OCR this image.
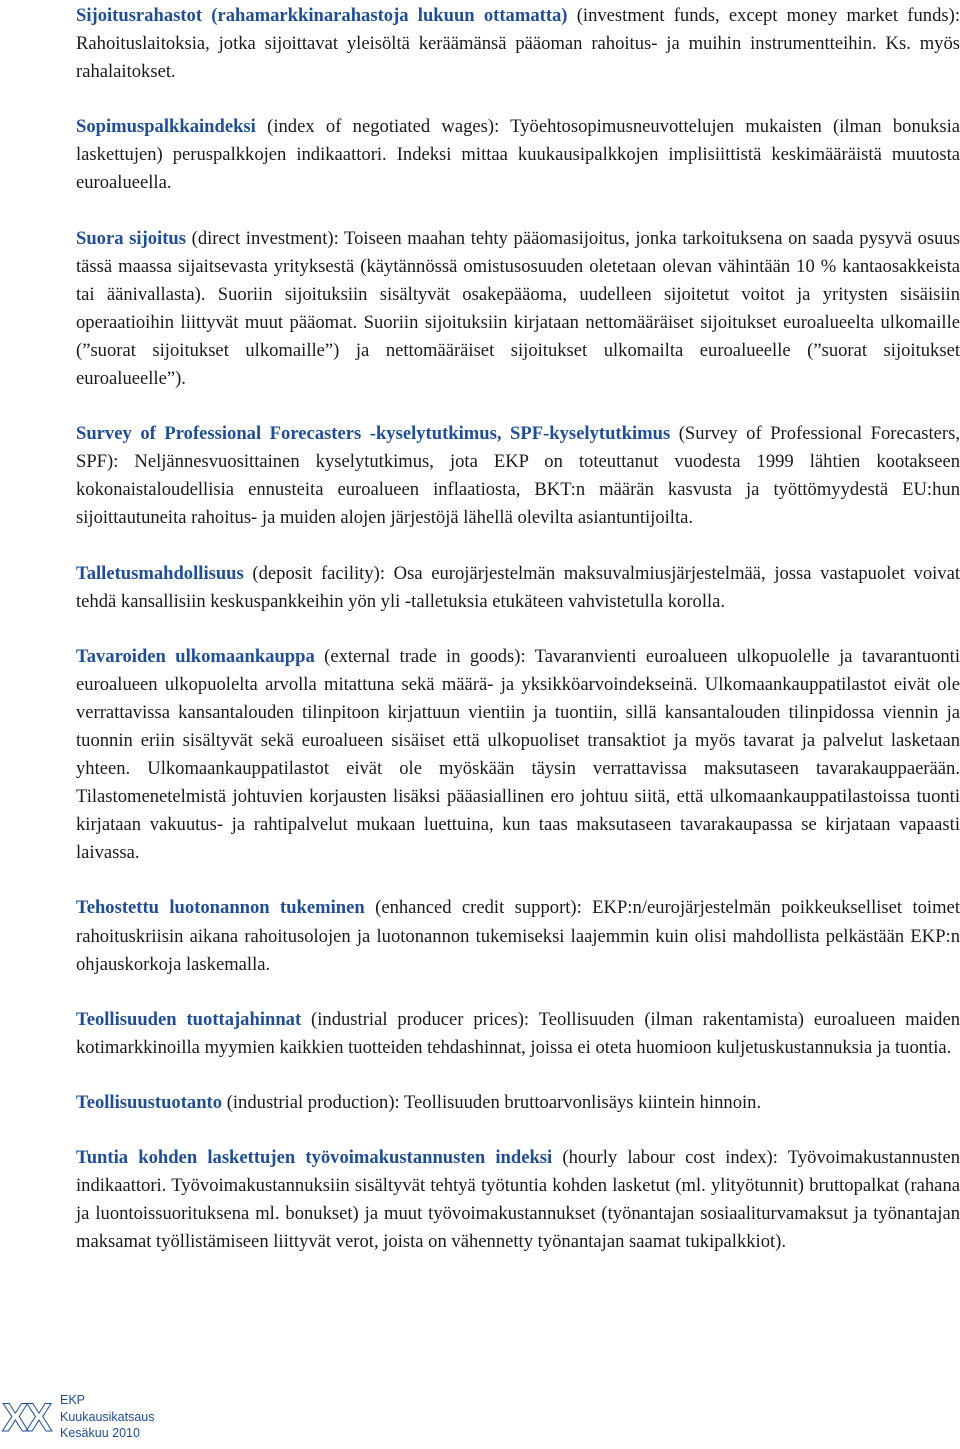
Sijoitusrahastot (rahamarkkinarahastoja lukuun ottamatta) (investment funds, except money market funds): Rahoituslaitoksia, jotka sijoittavat yleisöltä keräämänsä pääoman rahoitus- ja muihin instrumentteihin. Ks. myös rahalaitokset.

Sopimuspalkkaindeksi (index of negotiated wages): Työehtosopimusneuvottelujen mukaisten (ilman bonuksia laskettujen) peruspalkkojen indikaattori. Indeksi mittaa kuukausipalkkojen implisiittistä keskimääräistä muutosta euroalueella.

Suora sijoitus (direct investment): Toiseen maahan tehty pääomasijoitus, jonka tarkoituksena on saada pysyvä osuus tässä maassa sijaitsevasta yrityksestä (käytännössä omistusosuuden oletetaan olevan vähintään 10 % kantaosakkeista tai äänivallasta). Suoriin sijoituksiin sisältyvät osakepääoma, uudelleen sijoitetut voitot ja yritysten sisäisiin operaatioihin liittyvät muut pääomat. Suoriin sijoituksiin kirjataan nettomääräiset sijoitukset euroalueelta ulkomaille (”suorat sijoitukset ulkomaille”) ja nettomääräiset sijoitukset ulkomailta euroalueelle (”suorat sijoitukset euroalueelle”).

Survey of Professional Forecasters -kyselytutkimus, SPF-kyselytutkimus (Survey of Professional Forecasters, SPF): Neljännesvuosittainen kyselytutkimus, jota EKP on toteuttanut vuodesta 1999 lähtien kootakseen kokonaistaloudellisia ennusteita euroalueen inflaatiosta, BKT:n määrän kasvusta ja työttömyydestä EU:hun sijoittautuneita rahoitus- ja muiden alojen järjestöjä lähellä olevilta asiantuntijoilta.

Talletusmahdollisuus (deposit facility): Osa eurojärjestelmän maksuvalmiusjärjestelmää, jossa vastapuolet voivat tehdä kansallisiin keskuspankkeihin yön yli -talletuksia etukäteen vahvistetulla korolla.

Tavaroiden ulkomaankauppa (external trade in goods): Tavaranvienti euroalueen ulkopuolelle ja tavarantuonti euroalueen ulkopuolelta arvolla mitattuna sekä määrä- ja yksikköarvoindekseinä. Ulkomaankauppatilastot eivät ole verrattavissa kansantalouden tilinpitoon kirjattuun vientiin ja tuontiin, sillä kansantalouden tilinpidossa viennin ja tuonnin eriin sisältyvät sekä euroalueen sisäiset että ulkopuoliset transaktiot ja myös tavarat ja palvelut lasketaan yhteen. Ulkomaankauppatilastot eivät ole myöskään täysin verrattavissa maksutaseen tavarakauppaerään. Tilastomenetelmistä johtuvien korjausten lisäksi pääasiallinen ero johtuu siitä, että ulkomaankauppatilastoissa tuonti kirjataan vakuutus- ja rahtipalvelut mukaan luettuina, kun taas maksutaseen tavarakaupassa se kirjataan vapaasti laivassa.

Tehostettu luotonannon tukeminen (enhanced credit support): EKP:n/eurojärjestelmän poikkeukselliset toimet rahoituskriisin aikana rahoitusolojen ja luotonannon tukemiseksi laajemmin kuin olisi mahdollista pelkästään EKP:n ohjauskorkoja laskemalla.

Teollisuuden tuottajahinnat (industrial producer prices): Teollisuuden (ilman rakentamista) euroalueen maiden kotimarkkinoilla myymien kaikkien tuotteiden tehdashinnat, joissa ei oteta huomioon kuljetuskustannuksia ja tuontia.

Teollisuustuotanto (industrial production): Teollisuuden bruttoarvonlisäys kiintein hinnoin.

Tuntia kohden laskettujen työvoimakustannusten indeksi (hourly labour cost index): Työvoimakustannusten indikaattori. Työvoimakustannuksiin sisältyvät tehtyä työtuntia kohden lasketut (ml. ylityötunnit) bruttopalkat (rahana ja luontoissuorituksena ml. bonukset) ja muut työvoimakustannukset (työnantajan sosiaaliturvamaksut ja työnantajan maksamat työllistämiseen liittyvät verot, joista on vähennetty työnantajan saamat tukipalkkiot).

XX EKP
Kuukausikatsaus
Kesäkuu 2010
